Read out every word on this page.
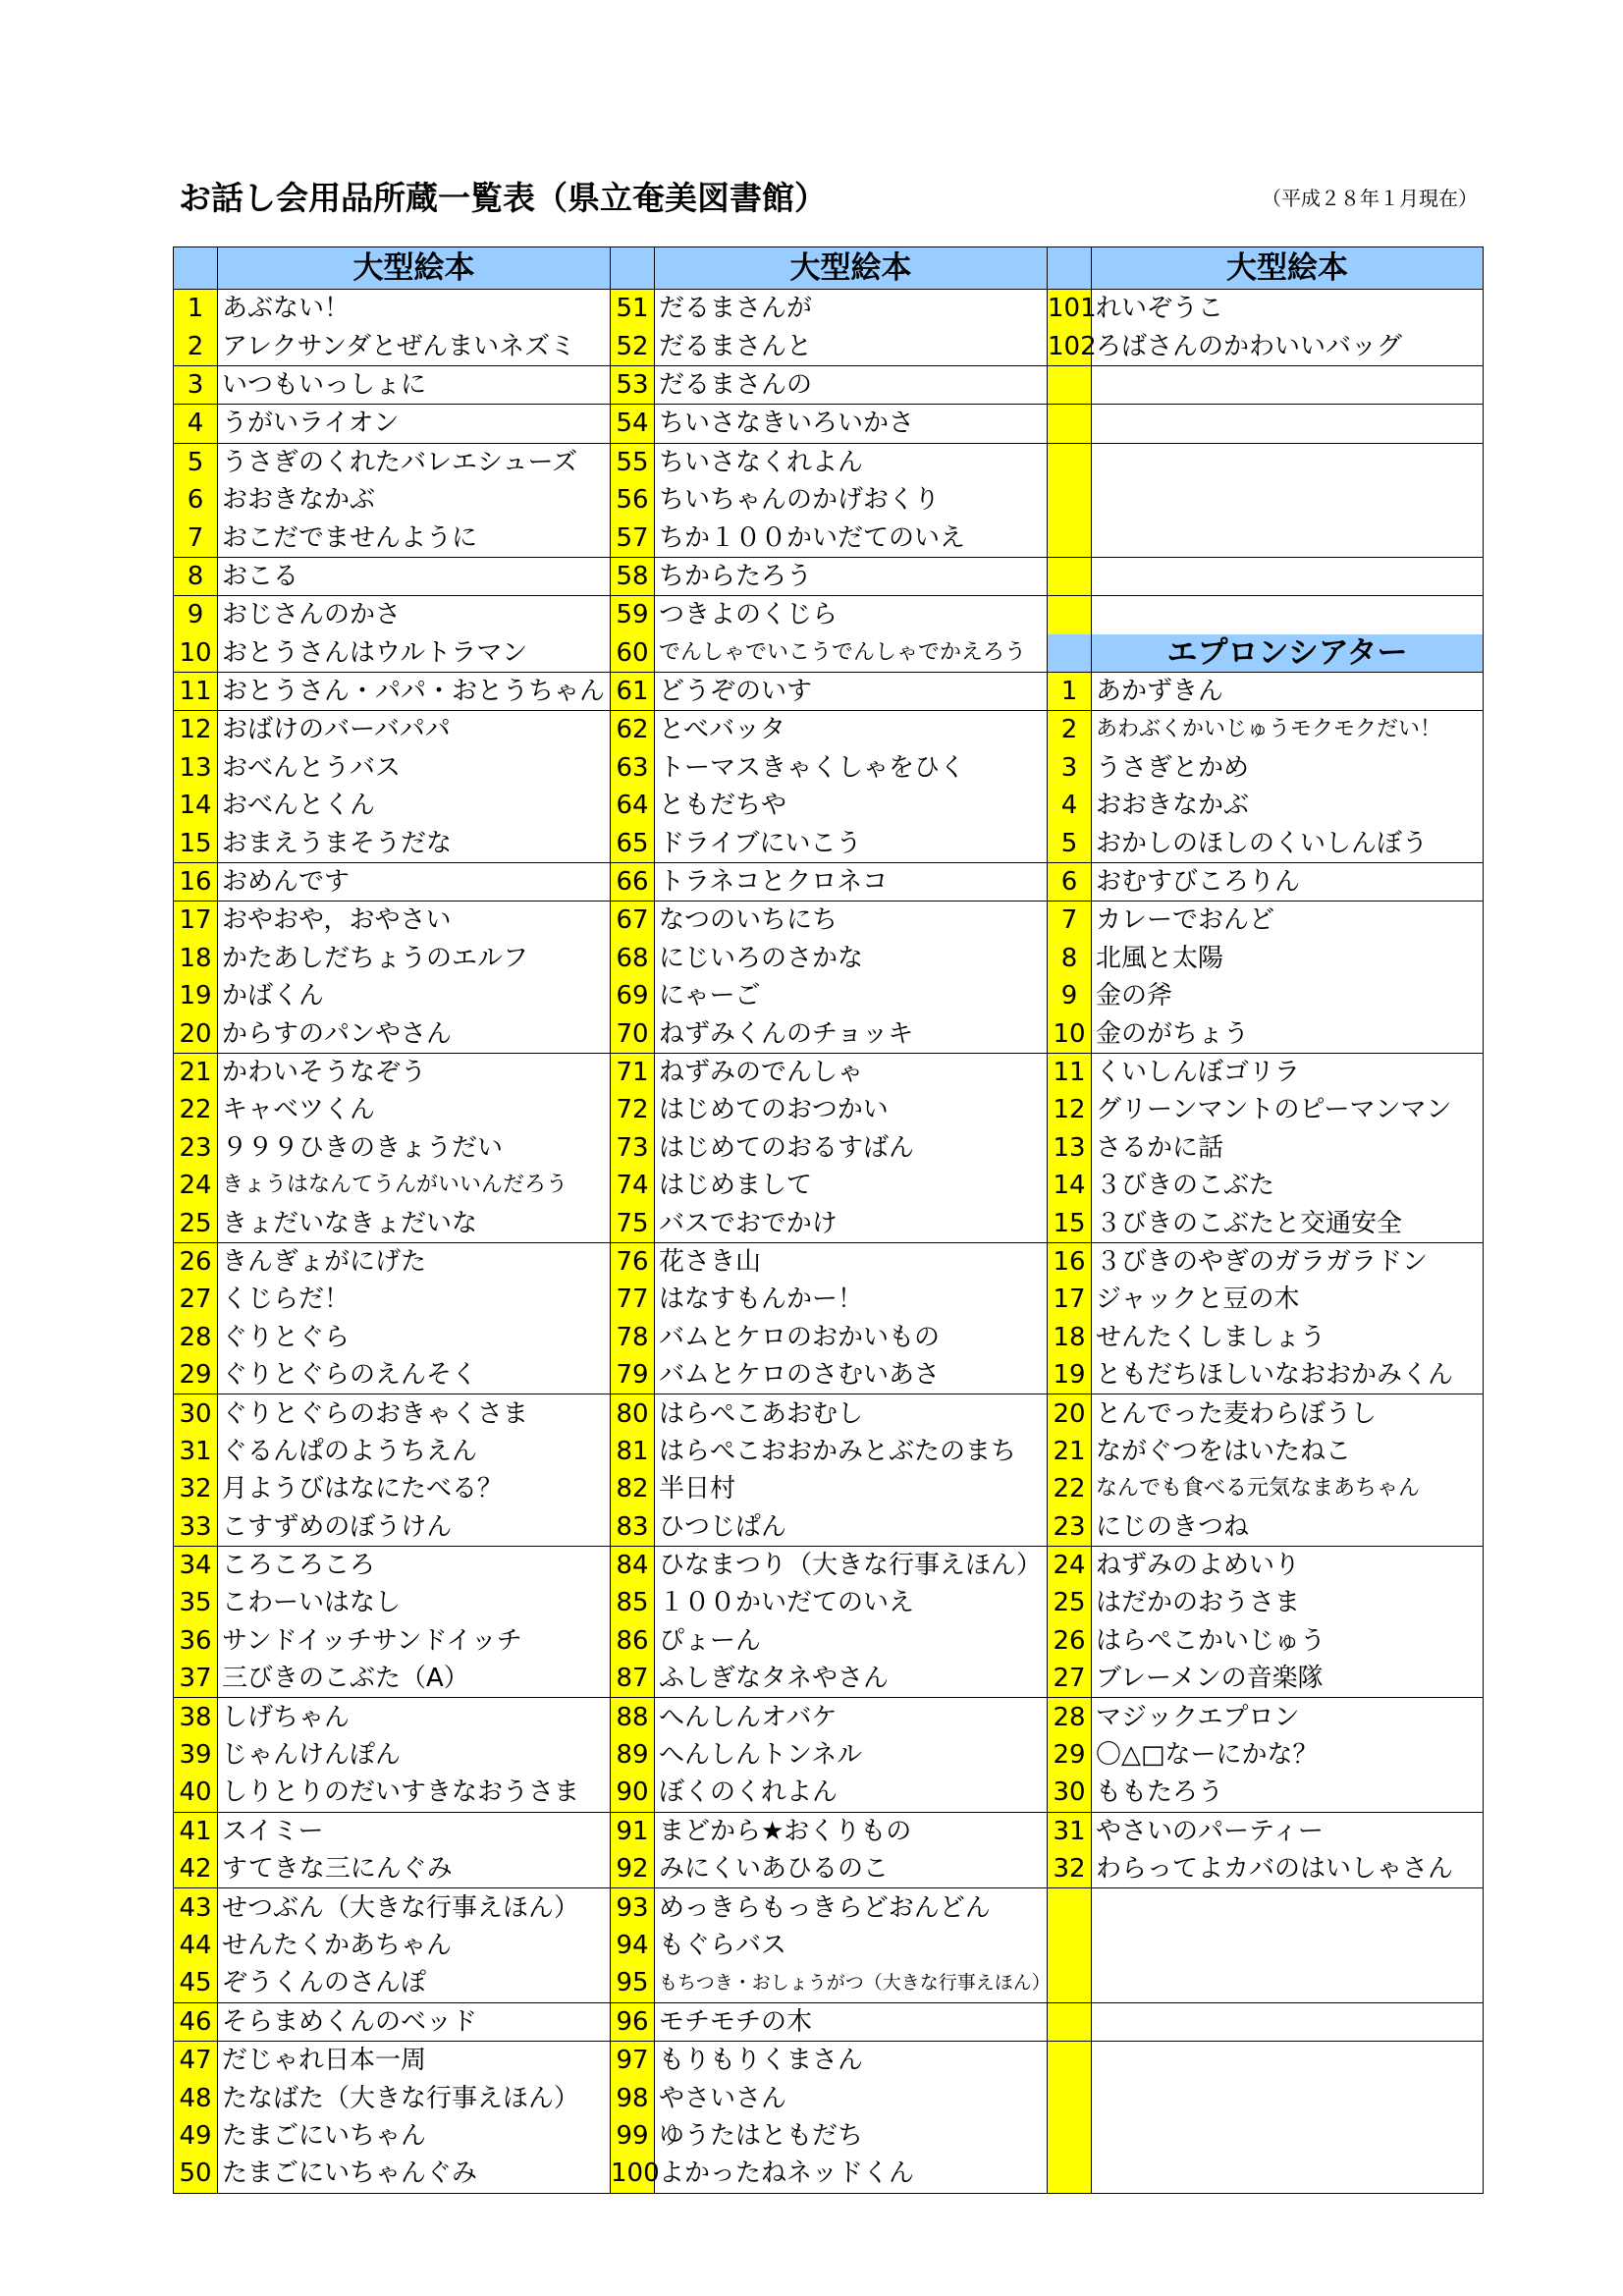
お話し会用品所蔵一覧表（県立奄美図書館）	（平成２８年１月現在）
	大型絵本		大型絵本		大型絵本
1	あぶない！	51	だるまさんが	101	れいぞうこ
2	アレクサンダとぜんまいネズミ	52	だるまさんと	102	ろばさんのかわいいバッグ
3	いつもいっしょに	53	だるまさんの		
4	うがいライオン	54	ちいさなきいろいかさ		
5	うさぎのくれたバレエシューズ	55	ちいさなくれよん		
6	おおきなかぶ	56	ちいちゃんのかげおくり		
7	おこだでませんように	57	ちか１００かいだてのいえ		
8	おこる	58	ちからたろう		
9	おじさんのかさ	59	つきよのくじら		
10	おとうさんはウルトラマン	60	でんしゃでいこうでんしゃでかえろう		エプロンシアター
11	おとうさん・パパ・おとうちゃん	61	どうぞのいす	1	あかずきん
12	おばけのバーバパパ	62	とべバッタ	2	あわぶくかいじゅうモクモクだい！
13	おべんとうバス	63	トーマスきゃくしゃをひく	3	うさぎとかめ
14	おべんとくん	64	ともだちや	4	おおきなかぶ
15	おまえうまそうだな	65	ドライブにいこう	5	おかしのほしのくいしんぼう
16	おめんです	66	トラネコとクロネコ	6	おむすびころりん
17	おやおや，おやさい	67	なつのいちにち	7	カレーでおんど
18	かたあしだちょうのエルフ	68	にじいろのさかな	8	北風と太陽
19	かばくん	69	にゃーご	9	金の斧
20	からすのパンやさん	70	ねずみくんのチョッキ	10	金のがちょう
21	かわいそうなぞう	71	ねずみのでんしゃ	11	くいしんぼゴリラ
22	キャベツくん	72	はじめてのおつかい	12	グリーンマントのピーマンマン
23	９９９ひきのきょうだい	73	はじめてのおるすばん	13	さるかに話
24	きょうはなんてうんがいいんだろう	74	はじめまして	14	３びきのこぶた
25	きょだいなきょだいな	75	バスでおでかけ	15	３びきのこぶたと交通安全
26	きんぎょがにげた	76	花さき山	16	３びきのやぎのガラガラドン
27	くじらだ！	77	はなすもんかー！	17	ジャックと豆の木
28	ぐりとぐら	78	バムとケロのおかいもの	18	せんたくしましょう
29	ぐりとぐらのえんそく	79	バムとケロのさむいあさ	19	ともだちほしいなおおかみくん
30	ぐりとぐらのおきゃくさま	80	はらぺこあおむし	20	とんでった麦わらぼうし
31	ぐるんぱのようちえん	81	はらぺこおおかみとぶたのまち	21	ながぐつをはいたねこ
32	月ようびはなにたべる？	82	半日村	22	なんでも食べる元気なまあちゃん
33	こすずめのぼうけん	83	ひつじぱん	23	にじのきつね
34	ころころころ	84	ひなまつり（大きな行事えほん）	24	ねずみのよめいり
35	こわーいはなし	85	１００かいだてのいえ	25	はだかのおうさま
36	サンドイッチサンドイッチ	86	ぴょーん	26	はらぺこかいじゅう
37	三びきのこぶた（A）	87	ふしぎなタネやさん	27	ブレーメンの音楽隊
38	しげちゃん	88	へんしんオバケ	28	マジックエプロン
39	じゃんけんぽん	89	へんしんトンネル	29	〇△□なーにかな？
40	しりとりのだいすきなおうさま	90	ぼくのくれよん	30	ももたろう
41	スイミー	91	まどから★おくりもの	31	やさいのパーティー
42	すてきな三にんぐみ	92	みにくいあひるのこ	32	わらってよカバのはいしゃさん
43	せつぶん（大きな行事えほん）	93	めっきらもっきらどおんどん		
44	せんたくかあちゃん	94	もぐらバス		
45	ぞうくんのさんぽ	95	もちつき・おしょうがつ（大きな行事えほん）		
46	そらまめくんのベッド	96	モチモチの木		
47	だじゃれ日本一周	97	もりもりくまさん		
48	たなばた（大きな行事えほん）	98	やさいさん		
49	たまごにいちゃん	99	ゆうたはともだち		
50	たまごにいちゃんぐみ	100	よかったねネッドくん		
